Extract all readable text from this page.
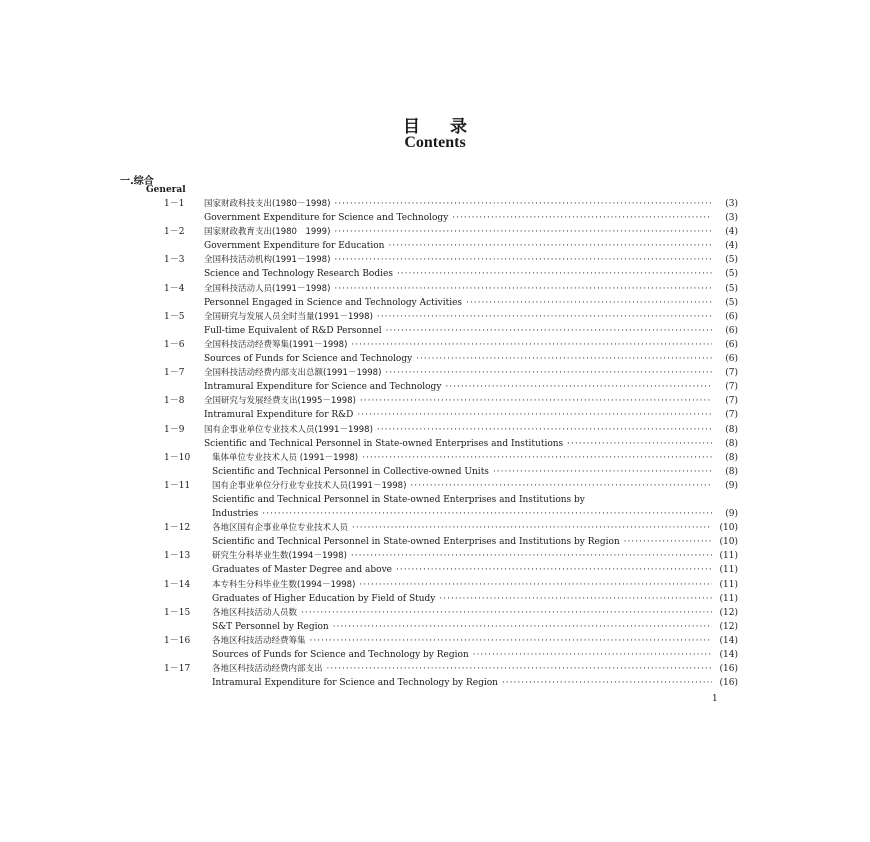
目录
Contents
一.综合
General
1－1	国家财政科技支出(1980－1998) ·····	(3)
Government Expenditure for Science and Technology ·····	(3)
1－2	国家财政教育支出(1980　1999) ·····	(4)
Government Expenditure for Education ·····	(4)
1－3	全国科技活动机构(1991－1998) ·····	(5)
Science and Technology Research Bodies ·····	(5)
1－4	全国科技活动人员(1991－1998) ·····	(5)
Personnel Engaged in Science and Technology Activities ·····	(5)
1－5	全国研究与发展人员全时当量(1991－1998) ·····	(6)
Full-time Equivalent of R&D Personnel ·····	(6)
1－6	全国科技活动经费筹集(1991－1998) ·····	(6)
Sources of Funds for Science and Technology ·····	(6)
1－7	全国科技活动经费内部支出总额(1991－1998) ·····	(7)
Intramural Expenditure for Science and Technology ·····	(7)
1－8	全国研究与发展经费支出(1995－1998) ·····	(7)
Intramural Expenditure for R&D ·····	(7)
1－9	国有企事业单位专业技术人员(1991－1998) ·····	(8)
Scientific and Technical Personnel in State-owned Enterprises and Institutions ·····	(8)
1－10	集体单位专业技术人员 (1991－1998) ·····	(8)
Scientific and Technical Personnel in Collective-owned Units ·····	(8)
1－11	国有企事业单位分行业专业技术人员(1991－1998) ·····	(9)
Scientific and Technical Personnel in State-owned Enterprises and Institutions by
Industries ·····	(9)
1－12	各地区国有企事业单位专业技术人员 ·····	(10)
Scientific and Technical Personnel in State-owned Enterprises and Institutions by Region ·····	(10)
1－13	研究生分科毕业生数(1994－1998) ·····	(11)
Graduates of Master Degree and above ·····	(11)
1－14	本专科生分科毕业生数(1994－1998) ·····	(11)
Graduates of Higher Education by Field of Study ·····	(11)
1－15	各地区科技活动人员数 ·····	(12)
S&T Personnel by Region ·····	(12)
1－16	各地区科技活动经费筹集 ·····	(14)
Sources of Funds for Science and Technology by Region ·····	(14)
1－17	各地区科技活动经费内部支出 ·····	(16)
Intramural Expenditure for Science and Technology by Region ·····	(16)
1
